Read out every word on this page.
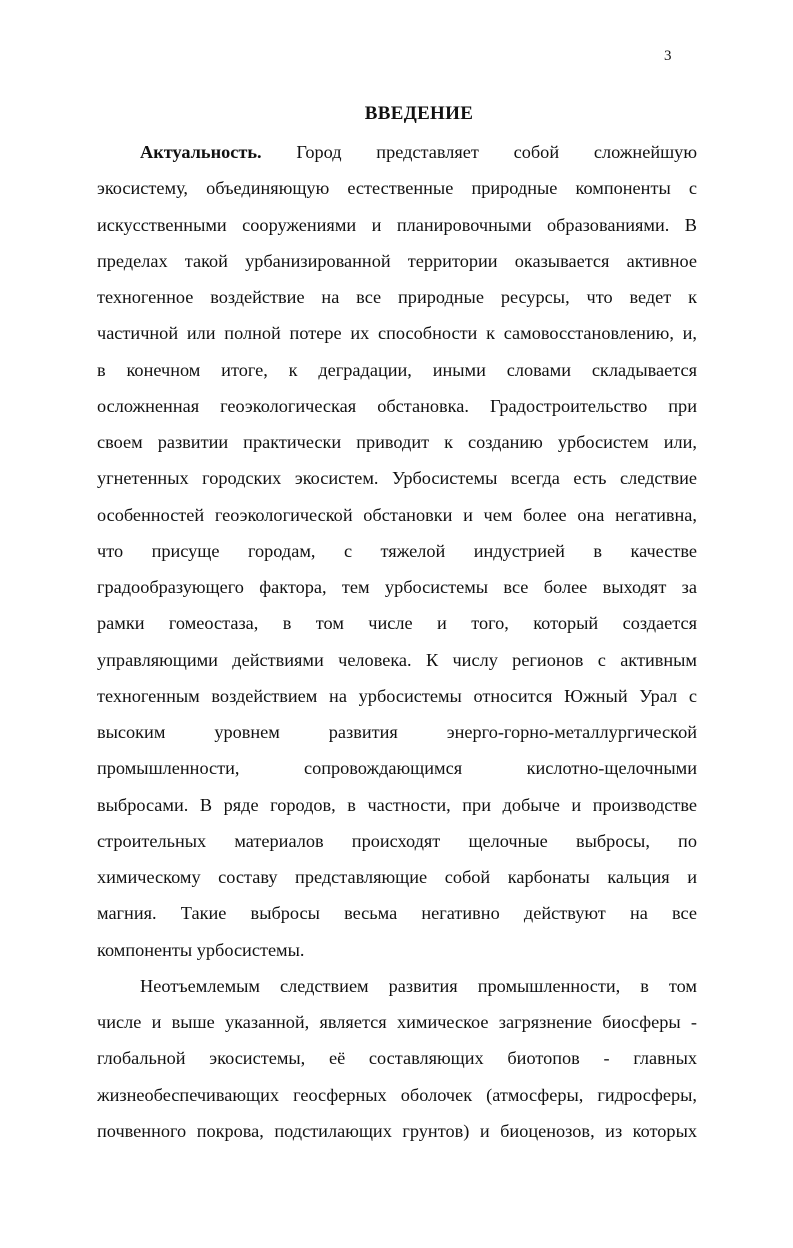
3
ВВЕДЕНИЕ
Актуальность. Город представляет собой сложнейшую
экосистему, объединяющую естественные природные компоненты с
искусственными сооружениями и планировочными образованиями. В
пределах такой урбанизированной территории оказывается активное
техногенное воздействие на все природные ресурсы, что ведет к
частичной или полной потере их способности к самовосстановлению, и,
в конечном итоге, к деградации, иными словами складывается
осложненная геоэкологическая обстановка. Градостроительство при
своем развитии практически приводит к созданию урбосистем или,
угнетенных городских экосистем. Урбосистемы всегда есть следствие
особенностей геоэкологической обстановки и чем более она негативна,
что присуще городам, с тяжелой индустрией в качестве
градообразующего фактора, тем урбосистемы все более выходят за
рамки гомеостаза, в том числе и того, который создается
управляющими действиями человека. К числу регионов с активным
техногенным воздействием на урбосистемы относится Южный Урал с
высоким уровнем развития энерго-горно-металлургической
промышленности, сопровождающимся кислотно-щелочными
выбросами. В ряде городов, в частности, при добыче и производстве
строительных материалов происходят щелочные выбросы, по
химическому составу представляющие собой карбонаты кальция и
магния. Такие выбросы весьма негативно действуют на все
компоненты урбосистемы.
Неотъемлемым следствием развития промышленности, в том
числе и выше указанной, является химическое загрязнение биосферы -
глобальной экосистемы, её составляющих биотопов - главных
жизнеобеспечивающих геосферных оболочек (атмосферы, гидросферы,
почвенного покрова, подстилающих грунтов) и биоценозов, из которых
